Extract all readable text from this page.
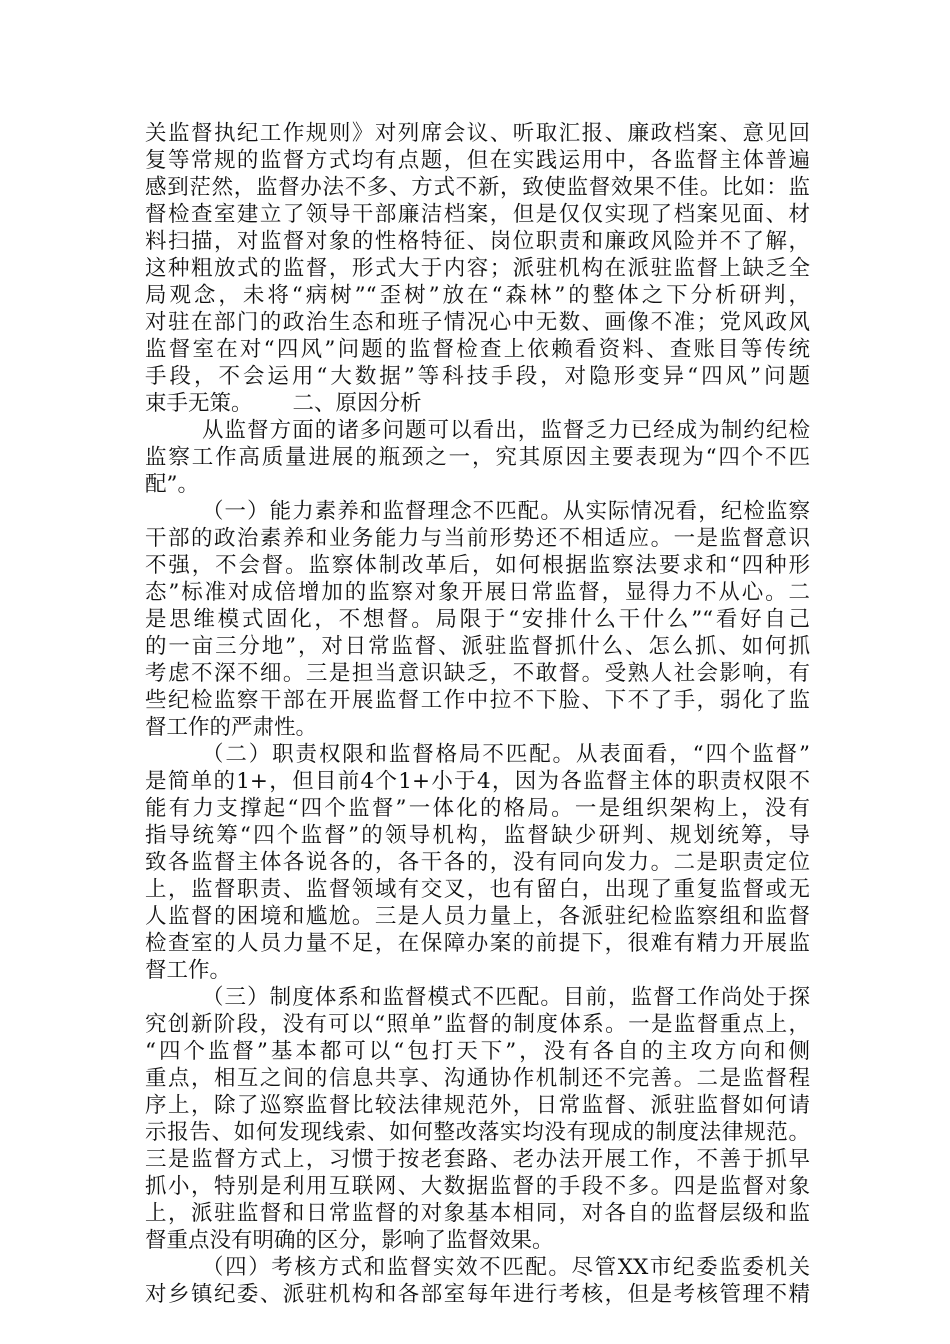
关监督执纪工作规则》对列席会议、听取汇报、廉政档案、意见回
复等常规的监督方式均有点题，但在实践运用中，各监督主体普遍
感到茫然，监督办法不多、方式不新，致使监督效果不佳。比如：监
督检查室建立了领导干部廉洁档案，但是仅仅实现了档案见面、材
料扫描，对监督对象的性格特征、岗位职责和廉政风险并不了解，
这种粗放式的监督，形式大于内容；派驻机构在派驻监督上缺乏全
局观念，未将“病树”“歪树”放在“森林”的整体之下分析研判，
对驻在部门的政治生态和班子情况心中无数、画像不准；党风政风
监督室在对“四风”问题的监督检查上依赖看资料、查账目等传统
手段，不会运用“大数据”等科技手段，对隐形变异“四风”问题
束手无策。 二、原因分析
从监督方面的诸多问题可以看出，监督乏力已经成为制约纪检
监察工作高质量进展的瓶颈之一，究其原因主要表现为“四个不匹
配”。
（一）能力素养和监督理念不匹配。从实际情况看，纪检监察
干部的政治素养和业务能力与当前形势还不相适应。一是监督意识
不强，不会督。监察体制改革后，如何根据监察法要求和“四种形
态”标准对成倍增加的监察对象开展日常监督，显得力不从心。二
是思维模式固化，不想督。局限于“安排什么干什么”“看好自己
的一亩三分地”，对日常监督、派驻监督抓什么、怎么抓、如何抓
考虑不深不细。三是担当意识缺乏，不敢督。受熟人社会影响，有
些纪检监察干部在开展监督工作中拉不下脸、下不了手，弱化了监
督工作的严肃性。
（二）职责权限和监督格局不匹配。从表面看，“四个监督”
是简单的1+，但目前4个1+小于4，因为各监督主体的职责权限不
能有力支撑起“四个监督”一体化的格局。一是组织架构上，没有
指导统筹“四个监督”的领导机构，监督缺少研判、规划统筹，导
致各监督主体各说各的，各干各的，没有同向发力。二是职责定位
上，监督职责、监督领域有交叉，也有留白，出现了重复监督或无
人监督的困境和尴尬。三是人员力量上，各派驻纪检监察组和监督
检查室的人员力量不足，在保障办案的前提下，很难有精力开展监
督工作。
（三）制度体系和监督模式不匹配。目前，监督工作尚处于探
究创新阶段，没有可以“照单”监督的制度体系。一是监督重点上，
“四个监督”基本都可以“包打天下”，没有各自的主攻方向和侧
重点，相互之间的信息共享、沟通协作机制还不完善。二是监督程
序上，除了巡察监督比较法律规范外，日常监督、派驻监督如何请
示报告、如何发现线索、如何整改落实均没有现成的制度法律规范。
三是监督方式上，习惯于按老套路、老办法开展工作，不善于抓早
抓小，特别是利用互联网、大数据监督的手段不多。四是监督对象
上，派驻监督和日常监督的对象基本相同，对各自的监督层级和监
督重点没有明确的区分，影响了监督效果。
（四）考核方式和监督实效不匹配。尽管XX市纪委监委机关
对乡镇纪委、派驻机构和各部室每年进行考核，但是考核管理不精
